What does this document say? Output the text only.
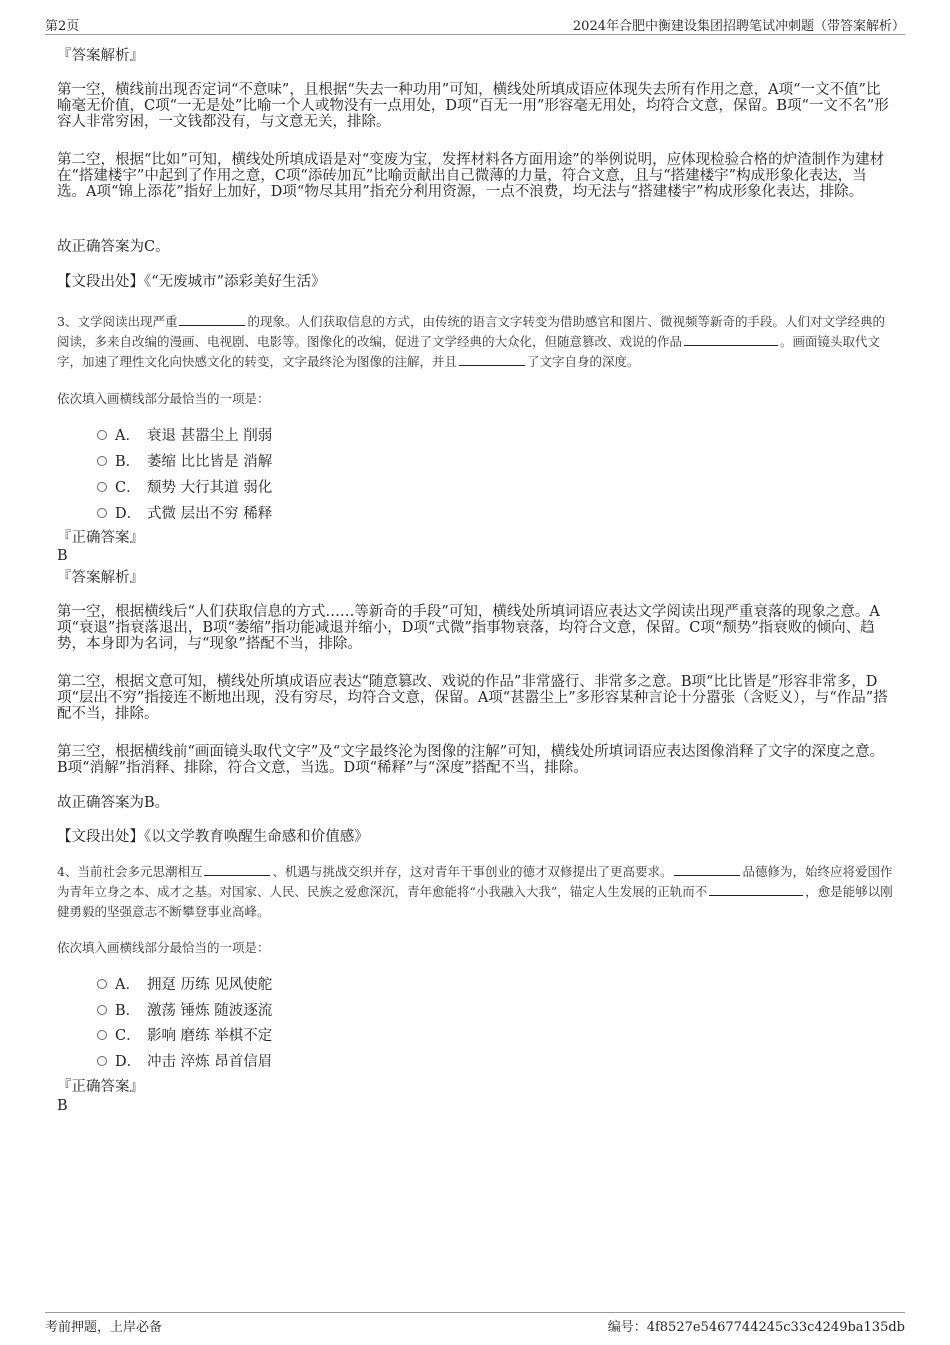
第2页	2024年合肥中衡建设集团招聘笔试冲刺题（带答案解析）

『答案解析』

第一空，横线前出现否定词“不意味”，且根据“失去一种功用”可知，横线处所填成语应体现失去所有作用之意，A项“一文不值”比喻毫无价值，C项“一无是处”比喻一个人或物没有一点用处，D项“百无一用”形容毫无用处，均符合文意，保留。B项“一文不名”形容人非常穷困，一文钱都没有，与文意无关，排除。

第二空，根据“比如”可知，横线处所填成语是对“变废为宝，发挥材料各方面用途”的举例说明，应体现检验合格的炉渣制作为建材在“搭建楼宇”中起到了作用之意，C项“添砖加瓦”比喻贡献出自己微薄的力量，符合文意，且与“搭建楼宇”构成形象化表达，当选。A项“锦上添花”指好上加好，D项“物尽其用”指充分利用资源，一点不浪费，均无法与“搭建楼宇”构成形象化表达，排除。

故正确答案为C。

【文段出处】《“无废城市”添彩美好生活》

3、文学阅读出现严重	的现象。人们获取信息的方式，由传统的语言文字转变为借助感官和图片、微视频等新奇的手段。人们对文学经典的阅读，多来自改编的漫画、电视剧、电影等。图像化的改编，促进了文学经典的大众化，但随意篡改、戏说的作品	。画面镜头取代文字，加速了理性文化向快感文化的转变，文字最终沦为图像的注解，并且	了文字自身的深度。

依次填入画横线部分最恰当的一项是：

A． 衰退 甚嚣尘上 削弱
B． 萎缩 比比皆是 消解
C． 颓势 大行其道 弱化
D． 式微 层出不穷 稀释

『正确答案』

B

『答案解析』

第一空，根据横线后“人们获取信息的方式……等新奇的手段”可知，横线处所填词语应表达文学阅读出现严重衰落的现象之意。A项“衰退”指衰落退出，B项“萎缩”指功能减退并缩小，D项“式微”指事物衰落，均符合文意，保留。C项“颓势”指衰败的倾向、趋势，本身即为名词，与“现象”搭配不当，排除。

第二空，根据文意可知，横线处所填成语应表达“随意篡改、戏说的作品”非常盛行、非常多之意。B项“比比皆是”形容非常多，D项“层出不穷”指接连不断地出现，没有穷尽，均符合文意，保留。A项“甚嚣尘上”多形容某种言论十分嚣张（含贬义），与“作品”搭配不当，排除。

第三空，根据横线前“画面镜头取代文字”及“文字最终沦为图像的注解”可知，横线处所填词语应表达图像消释了文字的深度之意。B项“消解”指消释、排除，符合文意，当选。D项“稀释”与“深度”搭配不当，排除。

故正确答案为B。

【文段出处】《以文学教育唤醒生命感和价值感》

4、当前社会多元思潮相互	、机遇与挑战交织并存，这对青年干事创业的德才双修提出了更高要求。	品德修为，始终应将爱国作为青年立身之本、成才之基。对国家、人民、民族之爱愈深沉，青年愈能将“小我融入大我”，锚定人生发展的正轨而不	，愈是能够以刚健勇毅的坚强意志不断攀登事业高峰。

依次填入画横线部分最恰当的一项是：

A． 拥趸 历练 见风使舵
B． 激荡 锤炼 随波逐流
C． 影响 磨练 举棋不定
D． 冲击 淬炼 昂首信眉

『正确答案』

B

考前押题，上岸必备	编号：4f8527e5467744245c33c4249ba135db
